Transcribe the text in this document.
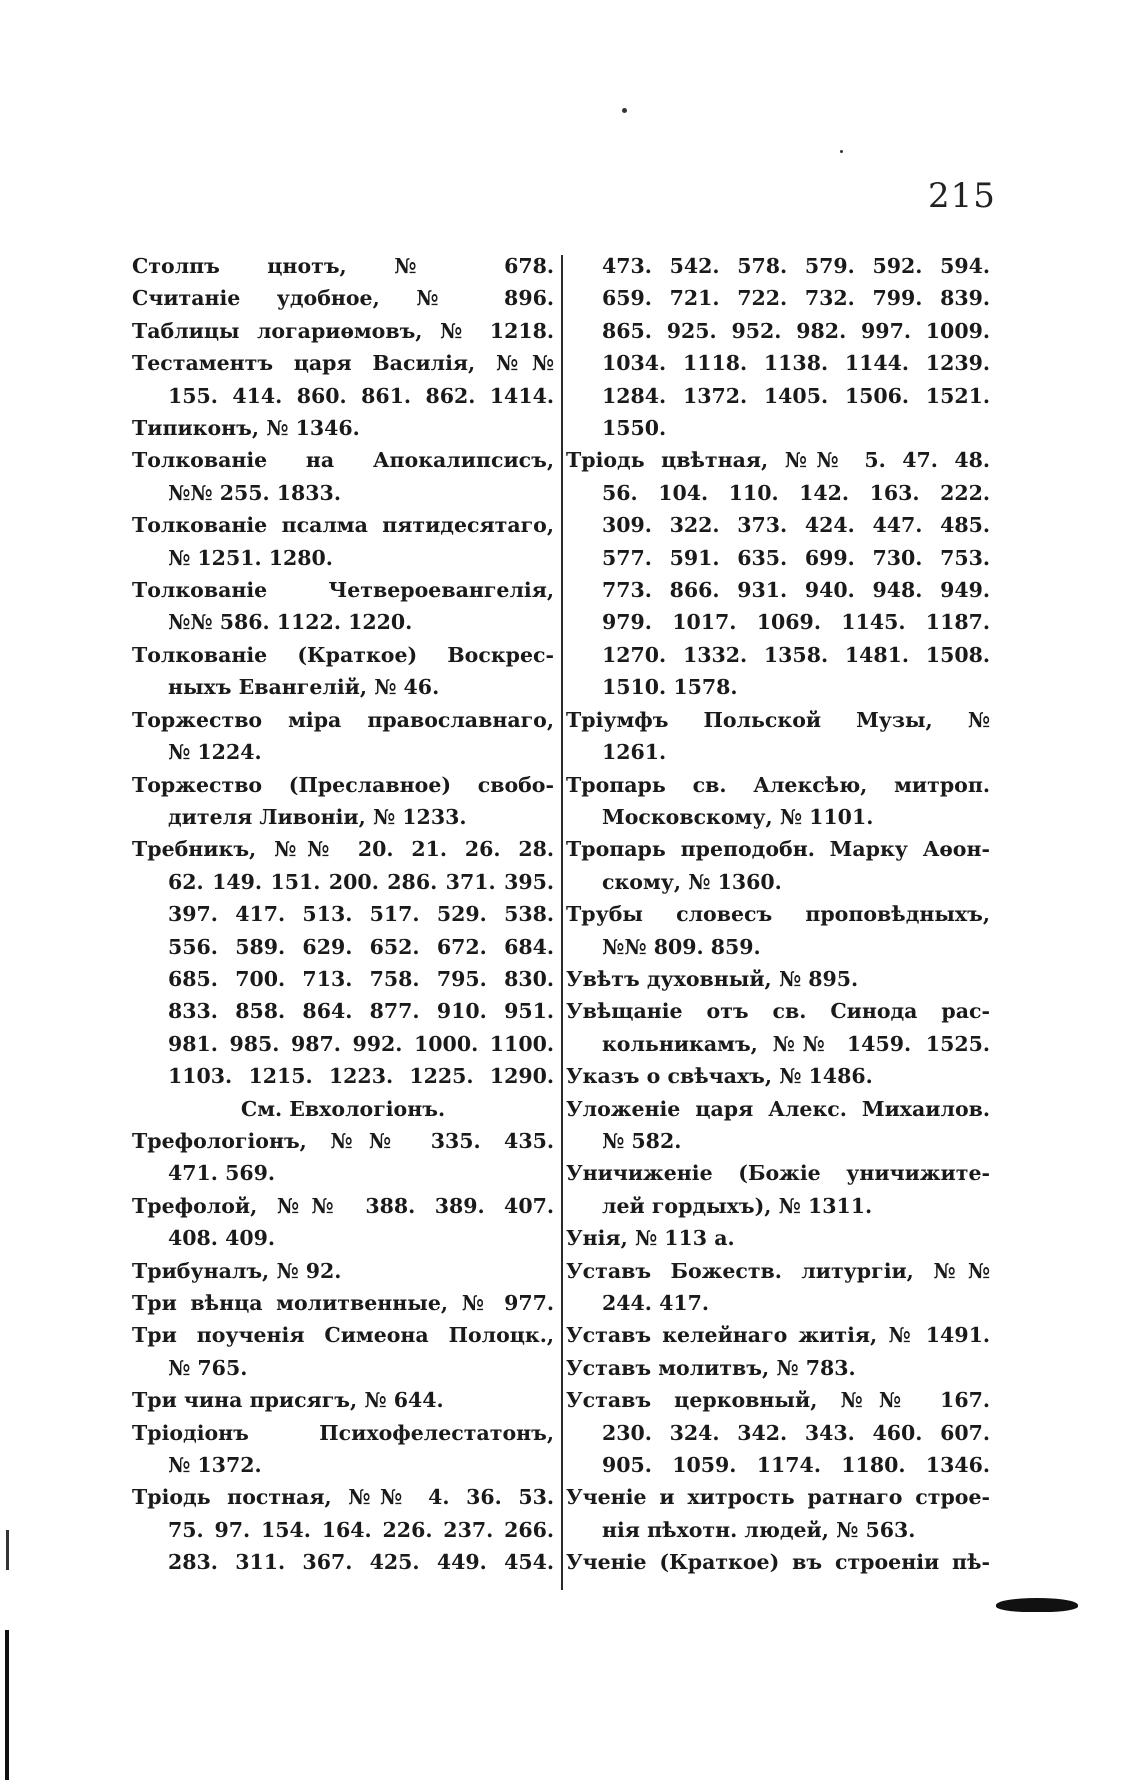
215
Столпъ цнотъ, № 678.
Считаніе удобное, № 896.
Таблицы логариѳмовъ, № 1218.
Тестаментъ царя Василія, №№
155. 414. 860. 861. 862. 1414.
Типиконъ, № 1346.
Толкованіе на Апокалипсисъ,
№№ 255. 1833.
Толкованіе псалма пятидесятаго,
№ 1251. 1280.
Толкованіе Четвероевангелія,
№№ 586. 1122. 1220.
Толкованіе (Краткое) Воскрес-
ныхъ Евангелій, № 46.
Торжество міра православнаго,
№ 1224.
Торжество (Преславное) свобо-
дителя Ливоніи, № 1233.
Требникъ, №№ 20. 21. 26. 28.
62. 149. 151. 200. 286. 371. 395.
397. 417. 513. 517. 529. 538.
556. 589. 629. 652. 672. 684.
685. 700. 713. 758. 795. 830.
833. 858. 864. 877. 910. 951.
981. 985. 987. 992. 1000. 1100.
1103. 1215. 1223. 1225. 1290.
См. Евхологіонъ.
Трефологіонъ, №№ 335. 435.
471. 569.
Трефолой, №№ 388. 389. 407.
408. 409.
Трибуналъ, № 92.
Три вѣнца молитвенные, № 977.
Три поученія Симеона Полоцк.,
№ 765.
Три чина присягъ, № 644.
Тріодіонъ Психофелестатонъ,
№ 1372.
Тріодь постная, №№ 4. 36. 53.
75. 97. 154. 164. 226. 237. 266.
283. 311. 367. 425. 449. 454.
473. 542. 578. 579. 592. 594.
659. 721. 722. 732. 799. 839.
865. 925. 952. 982. 997. 1009.
1034. 1118. 1138. 1144. 1239.
1284. 1372. 1405. 1506. 1521.
1550.
Тріодь цвѣтная, №№ 5. 47. 48.
56. 104. 110. 142. 163. 222.
309. 322. 373. 424. 447. 485.
577. 591. 635. 699. 730. 753.
773. 866. 931. 940. 948. 949.
979. 1017. 1069. 1145. 1187.
1270. 1332. 1358. 1481. 1508.
1510. 1578.
Тріумфъ Польской Музы, №
1261.
Тропарь св. Алексѣю, митроп.
Московскому, № 1101.
Тропарь преподобн. Марку Аѳон-
скому, № 1360.
Трубы словесъ проповѣдныхъ,
№№ 809. 859.
Увѣтъ духовный, № 895.
Увѣщаніе отъ св. Синода рас-
кольникамъ, №№ 1459. 1525.
Указъ о свѣчахъ, № 1486.
Уложеніе царя Алекс. Михаилов.
№ 582.
Уничиженіе (Божіе уничижите-
лей гордыхъ), № 1311.
Унія, № 113 а.
Уставъ Божеств. литургіи, №№
244. 417.
Уставъ келейнаго житія, № 1491.
Уставъ молитвъ, № 783.
Уставъ церковный, №№ 167.
230. 324. 342. 343. 460. 607.
905. 1059. 1174. 1180. 1346.
Ученіе и хитрость ратнаго строе-
нія пѣхотн. людей, № 563.
Ученіе (Краткое) въ строеніи пѣ-
